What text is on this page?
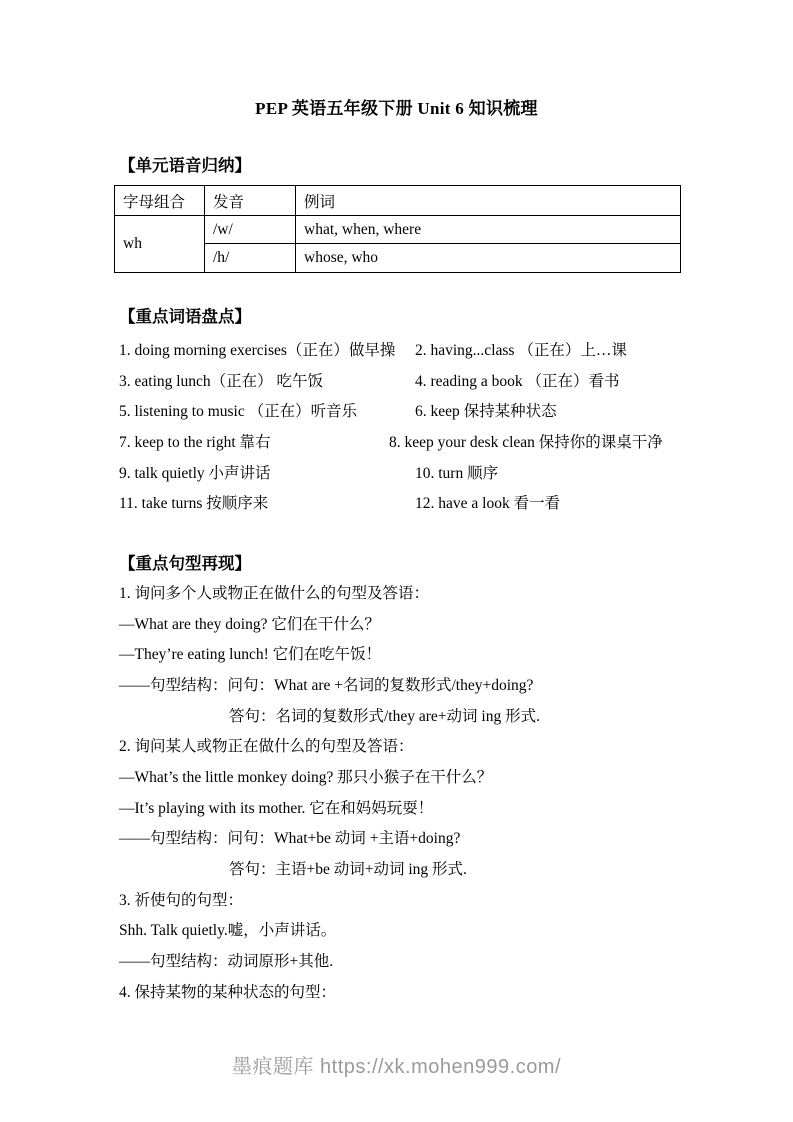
PEP 英语五年级下册 Unit 6 知识梳理
【单元语音归纳】
字母组合	发音	例词
wh	/w/	what, when, where
	/h/	whose, who
【重点词语盘点】
1. doing morning exercises（正在）做早操 2. having...class （正在）上…课
3. eating lunch（正在） 吃午饭	4. reading a book （正在）看书
5. listening to music （正在）听音乐	6. keep 保持某种状态
7. keep to the right 靠右	8. keep your desk clean 保持你的课桌干净
9. talk quietly 小声讲话	10. turn 顺序
11. take turns 按顺序来	12. have a look 看一看
【重点句型再现】
1. 询问多个人或物正在做什么的句型及答语：
—What are they doing? 它们在干什么？
—They’re eating lunch! 它们在吃午饭！
——句型结构：问句：What are +名词的复数形式/they+doing?
答句：名词的复数形式/they are+动词 ing 形式.
2. 询问某人或物正在做什么的句型及答语：
—What’s the little monkey doing? 那只小猴子在干什么？
—It’s playing with its mother. 它在和妈妈玩耍！
——句型结构：问句：What+be 动词 +主语+doing?
答句：主语+be 动词+动词 ing 形式.
3. 祈使句的句型：
Shh. Talk quietly.嘘，小声讲话。
——句型结构：动词原形+其他.
4. 保持某物的某种状态的句型：
墨痕题库 https://xk.mohen999.com/
